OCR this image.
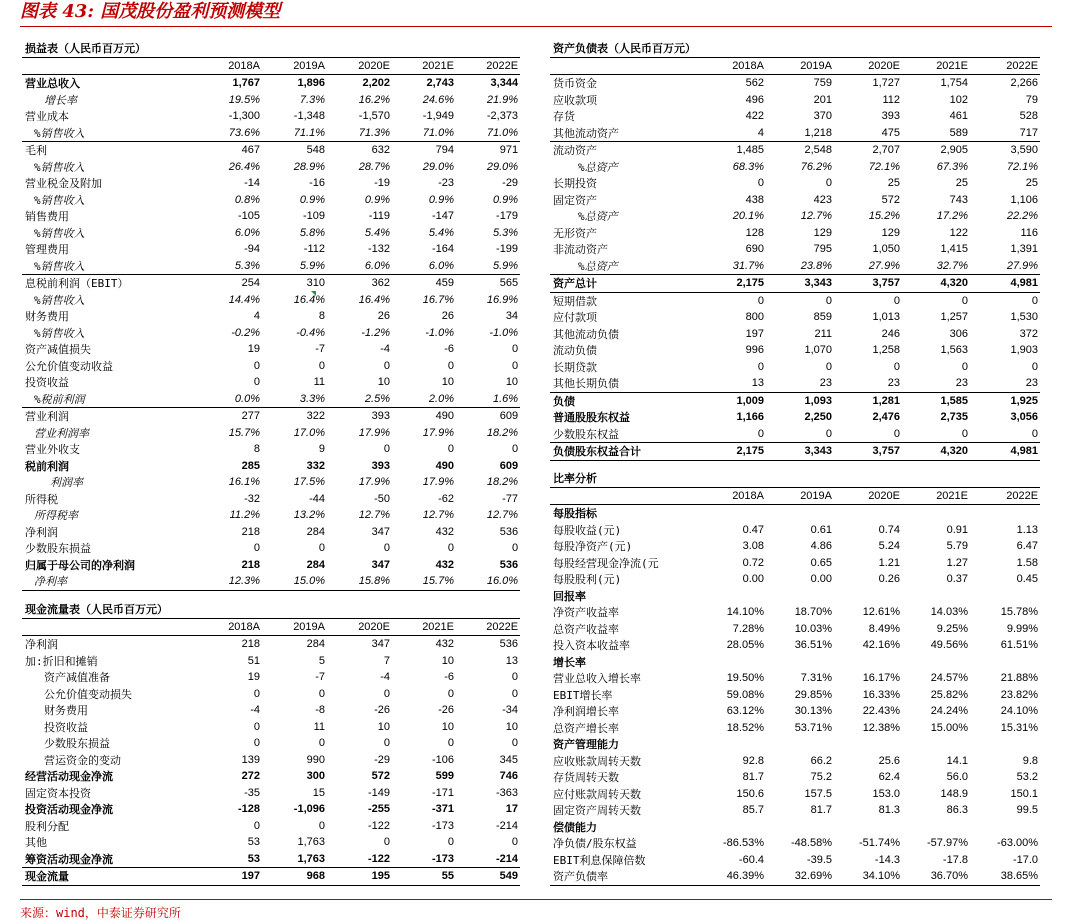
图表 43: 国茂股份盈利预测模型
损益表（人民币百万元）					
	2018A	2019A	2020E	2021E	2022E
营业总收入	1,767	1,896	2,202	2,743	3,344
增长率	19.5%	7.3%	16.2%	24.6%	21.9%
营业成本	-1,300	-1,348	-1,570	-1,949	-2,373
%销售收入	73.6%	71.1%	71.3%	71.0%	71.0%
毛利	467	548	632	794	971
%销售收入	26.4%	28.9%	28.7%	29.0%	29.0%
营业税金及附加	-14	-16	-19	-23	-29
%销售收入	0.8%	0.9%	0.9%	0.9%	0.9%
销售费用	-105	-109	-119	-147	-179
%销售收入	6.0%	5.8%	5.4%	5.4%	5.3%
管理费用	-94	-112	-132	-164	-199
%销售收入	5.3%	5.9%	6.0%	6.0%	5.9%
息税前利润（EBIT）	254	310	362	459	565
%销售收入	14.4%	16.4%	16.4%	16.7%	16.9%
财务费用	4	8	26	26	34
%销售收入	-0.2%	-0.4%	-1.2%	-1.0%	-1.0%
资产减值损失	19	-7	-4	-6	0
公允价值变动收益	0	0	0	0	0
投资收益	0	11	10	10	10
%税前利润	0.0%	3.3%	2.5%	2.0%	1.6%
营业利润	277	322	393	490	609
营业利润率	15.7%	17.0%	17.9%	17.9%	18.2%
营业外收支	8	9	0	0	0
税前利润	285	332	393	490	609
利润率	16.1%	17.5%	17.9%	17.9%	18.2%
所得税	-32	-44	-50	-62	-77
所得税率	11.2%	13.2%	12.7%	12.7%	12.7%
净利润	218	284	347	432	536
少数股东损益	0	0	0	0	0
归属于母公司的净利润	218	284	347	432	536
净利率	12.3%	15.0%	15.8%	15.7%	16.0%
现金流量表（人民币百万元）					
	2018A	2019A	2020E	2021E	2022E
净利润	218	284	347	432	536
加:折旧和摊销	51	5	7	10	13
资产减值准备	19	-7	-4	-6	0
公允价值变动损失	0	0	0	0	0
财务费用	-4	-8	-26	-26	-34
投资收益	0	11	10	10	10
少数股东损益	0	0	0	0	0
营运资金的变动	139	990	-29	-106	345
经营活动现金净流	272	300	572	599	746
固定资本投资	-35	15	-149	-171	-363
投资活动现金净流	-128	-1,096	-255	-371	17
股利分配	0	0	-122	-173	-214
其他	53	1,763	0	0	0
筹资活动现金净流	53	1,763	-122	-173	-214
现金流量	197	968	195	55	549
资产负债表（人民币百万元）					
	2018A	2019A	2020E	2021E	2022E
货币资金	562	759	1,727	1,754	2,266
应收款项	496	201	112	102	79
存货	422	370	393	461	528
其他流动资产	4	1,218	475	589	717
流动资产	1,485	2,548	2,707	2,905	3,590
%总资产	68.3%	76.2%	72.1%	67.3%	72.1%
长期投资	0	0	25	25	25
固定资产	438	423	572	743	1,106
%总资产	20.1%	12.7%	15.2%	17.2%	22.2%
无形资产	128	129	129	122	116
非流动资产	690	795	1,050	1,415	1,391
%总资产	31.7%	23.8%	27.9%	32.7%	27.9%
资产总计	2,175	3,343	3,757	4,320	4,981
短期借款	0	0	0	0	0
应付款项	800	859	1,013	1,257	1,530
其他流动负债	197	211	246	306	372
流动负债	996	1,070	1,258	1,563	1,903
长期贷款	0	0	0	0	0
其他长期负债	13	23	23	23	23
负债	1,009	1,093	1,281	1,585	1,925
普通股股东权益	1,166	2,250	2,476	2,735	3,056
少数股东权益	0	0	0	0	0
负债股东权益合计	2,175	3,343	3,757	4,320	4,981
比率分析					
	2018A	2019A	2020E	2021E	2022E
每股指标					
每股收益(元)	0.47	0.61	0.74	0.91	1.13
每股净资产(元)	3.08	4.86	5.24	5.79	6.47
每股经营现金净流(元	0.72	0.65	1.21	1.27	1.58
每股股利(元)	0.00	0.00	0.26	0.37	0.45
回报率					
净资产收益率	14.10%	18.70%	12.61%	14.03%	15.78%
总资产收益率	7.28%	10.03%	8.49%	9.25%	9.99%
投入资本收益率	28.05%	36.51%	42.16%	49.56%	61.51%
增长率					
营业总收入增长率	19.50%	7.31%	16.17%	24.57%	21.88%
EBIT增长率	59.08%	29.85%	16.33%	25.82%	23.82%
净利润增长率	63.12%	30.13%	22.43%	24.24%	24.10%
总资产增长率	18.52%	53.71%	12.38%	15.00%	15.31%
资产管理能力					
应收账款周转天数	92.8	66.2	25.6	14.1	9.8
存货周转天数	81.7	75.2	62.4	56.0	53.2
应付账款周转天数	150.6	157.5	153.0	148.9	150.1
固定资产周转天数	85.7	81.7	81.3	86.3	99.5
偿债能力					
净负债/股东权益	-86.53%	-48.58%	-51.74%	-57.97%	-63.00%
EBIT利息保障倍数	-60.4	-39.5	-14.3	-17.8	-17.0
资产负债率	46.39%	32.69%	34.10%	36.70%	38.65%
来源：wind，中泰证券研究所
